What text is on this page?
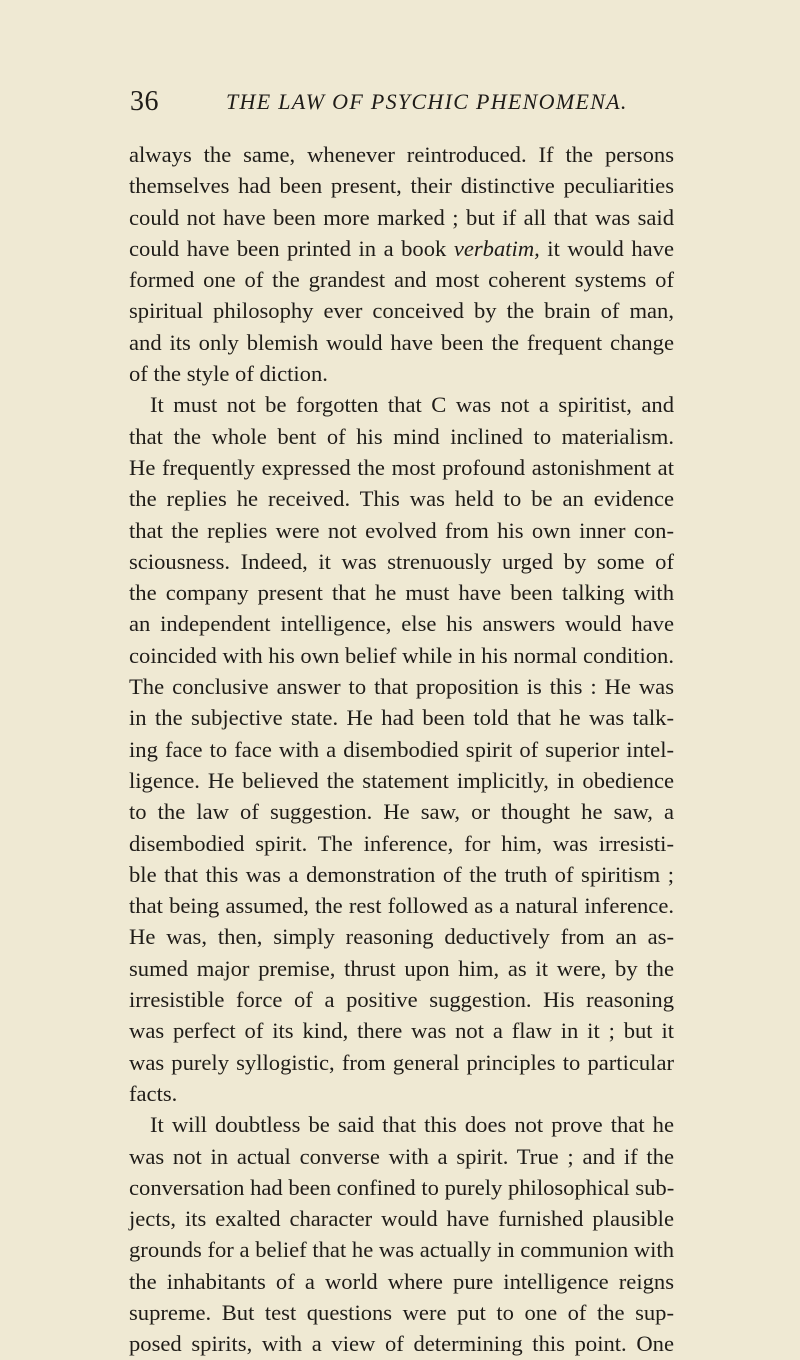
36	THE LAW OF PSYCHIC PHENOMENA.
always the same, whenever reintroduced. If the persons
themselves had been present, their distinctive peculiarities
could not have been more marked ; but if all that was said
could have been printed in a book verbatim, it would have
formed one of the grandest and most coherent systems of
spiritual philosophy ever conceived by the brain of man,
and its only blemish would have been the frequent change
of the style of diction.
It must not be forgotten that C was not a spiritist, and
that the whole bent of his mind inclined to materialism.
He frequently expressed the most profound astonishment at
the replies he received. This was held to be an evidence
that the replies were not evolved from his own inner con-
sciousness. Indeed, it was strenuously urged by some of
the company present that he must have been talking with
an independent intelligence, else his answers would have
coincided with his own belief while in his normal condition.
The conclusive answer to that proposition is this : He was
in the subjective state. He had been told that he was talk-
ing face to face with a disembodied spirit of superior intel-
ligence. He believed the statement implicitly, in obedience
to the law of suggestion. He saw, or thought he saw, a
disembodied spirit. The inference, for him, was irresisti-
ble that this was a demonstration of the truth of spiritism ;
that being assumed, the rest followed as a natural inference.
He was, then, simply reasoning deductively from an as-
sumed major premise, thrust upon him, as it were, by the
irresistible force of a positive suggestion. His reasoning
was perfect of its kind, there was not a flaw in it ; but it
was purely syllogistic, from general principles to particular
facts.
It will doubtless be said that this does not prove that he
was not in actual converse with a spirit. True ; and if the
conversation had been confined to purely philosophical sub-
jects, its exalted character would have furnished plausible
grounds for a belief that he was actually in communion with
the inhabitants of a world where pure intelligence reigns
supreme. But test questions were put to one of the sup-
posed spirits, with a view of determining this point. One
